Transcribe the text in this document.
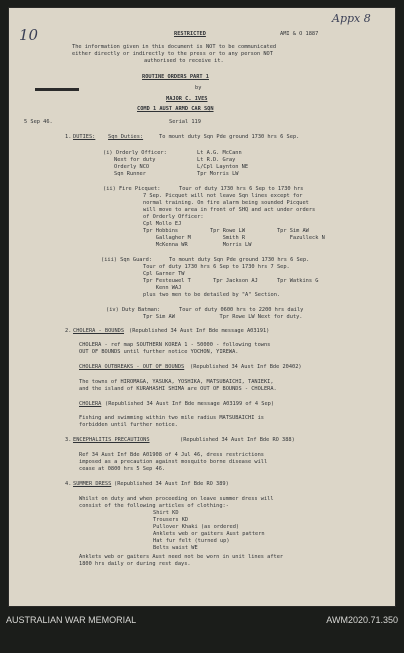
10
Appx 8
RESTRICTED	AMI & O 1887
The information given in this document is NOT to be communicated
either directly or indirectly to the press or to any person NOT
authorised to receive it.
ROUTINE ORDERS PART 1
by
MAJOR C. IVES
COMD 1 AUST ARMD CAR SQN
5 Sep 46.	Serial 119
1. DUTIES: Sqn Duties:	To mount duty Sqn Pde ground 1730 hrs 6 Sep.
(i) Orderly Officer:	Lt A.G. McCann
Next for duty	Lt R.D. Gray
Orderly NCO	L/Cpl Laynton NE
Sqn Runner	Tpr Morris LW
(ii) Fire Picquet:	Tour of duty 1730 hrs 6 Sep to 1730 hrs
7 Sep. Picquet will not leave Sqn lines except for
normal training. On fire alarm being sounded Picquet
will move to area in front of SHQ and act under orders
of Orderly Officer:
Cpl Mollo EJ
Tpr Hobbins          Tpr Rowe LW          Tpr Sim AW
Gallagher M          Smith R              Fazulleck N
McKenna WR           Morris LW
(iii) Sqn Guard:	To mount duty Sqn Pde ground 1730 hrs 6 Sep.
Tour of duty 1730 hrs 6 Sep to 1730 hrs 7 Sep.
Cpl Garner TW
Tpr Festeuwel T       Tpr Jackson AJ      Tpr Watkins G
Kenn WAJ
plus two men to be detailed by "A" Section.
(iv) Duty Batman:	Tour of duty 0600 hrs to 2200 hrs daily
Tpr Sim AW              Tpr Rowe LW Next for duty.
2. CHOLERA - BOUNDS (Republished 34 Aust Inf Bde message A03191)
CHOLERA - ref map SOUTHERN KOREA 1 - 50000 - following towns
OUT OF BOUNDS until further notice YOCHON, YIREWA.
CHOLERA OUTBREAKS - OUT OF BOUNDS (Republished 34 Aust Inf Bde 20402)
The towns of HIROMAGA, YASUKA, YOSHIKA, MATSUBAICHI, TANIEKI,
and the island of KURAHASHI SHIMA are OUT OF BOUNDS - CHOLERA.
CHOLERA (Republished 34 Aust Inf Bde message A03199 of 4 Sep)
Fishing and swimming within two mile radius MATSUBAICHI is
forbidden until further notice.
3. ENCEPHALITIS PRECAUTIONS	(Republished 34 Aust Inf Bde RO 388)
Ref 34 Aust Inf Bde A01908 of 4 Jul 46, dress restrictions
imposed as a precaution against mosquito borne disease will
cease at 0800 hrs 5 Sep 46.
4. SUMMER DRESS (Republished 34 Aust Inf Bde RO 389)
Whilst on duty and when proceeding on leave summer dress will
consist of the following articles of clothing:-
Shirt KD
Trousers KD
Pullover Khaki (as ordered)
Anklets web or gaiters Aust pattern
Hat fur felt (turned up)
Belts waist WE
Anklets web or gaiters Aust need not be worn in unit lines after
1800 hrs daily or during rest days.
AUSTRALIAN WAR MEMORIAL	AWM2020.71.350
